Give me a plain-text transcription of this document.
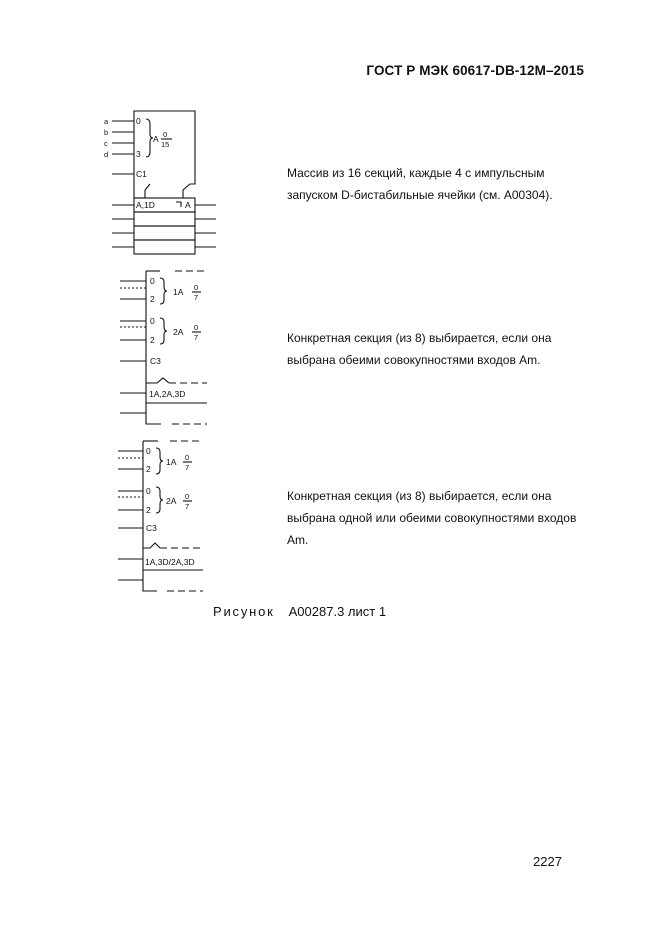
ГОСТ Р МЭК 60617-DB-12M–2015
a
b
c
d
0
3
C1
A 0
15
A,1D	A
0
2
0
2
C3
1A 0
7
2A 0
7
1A,2A,3D
0
2
0
2
C3
1A 0
7
2A 0
7
1A,3D/2A,3D
Массив из 16 секций, каждые 4 с импульсным запуском D-бистабильные ячейки (см. А00304).
Конкретная секция (из 8) выбирается, если она выбрана обеими совокупностями входов Am.
Конкретная секция (из 8) выбирается, если она выбрана одной или обеими совокупностями входов Am.
Рисунок А00287.3 лист 1
2227
